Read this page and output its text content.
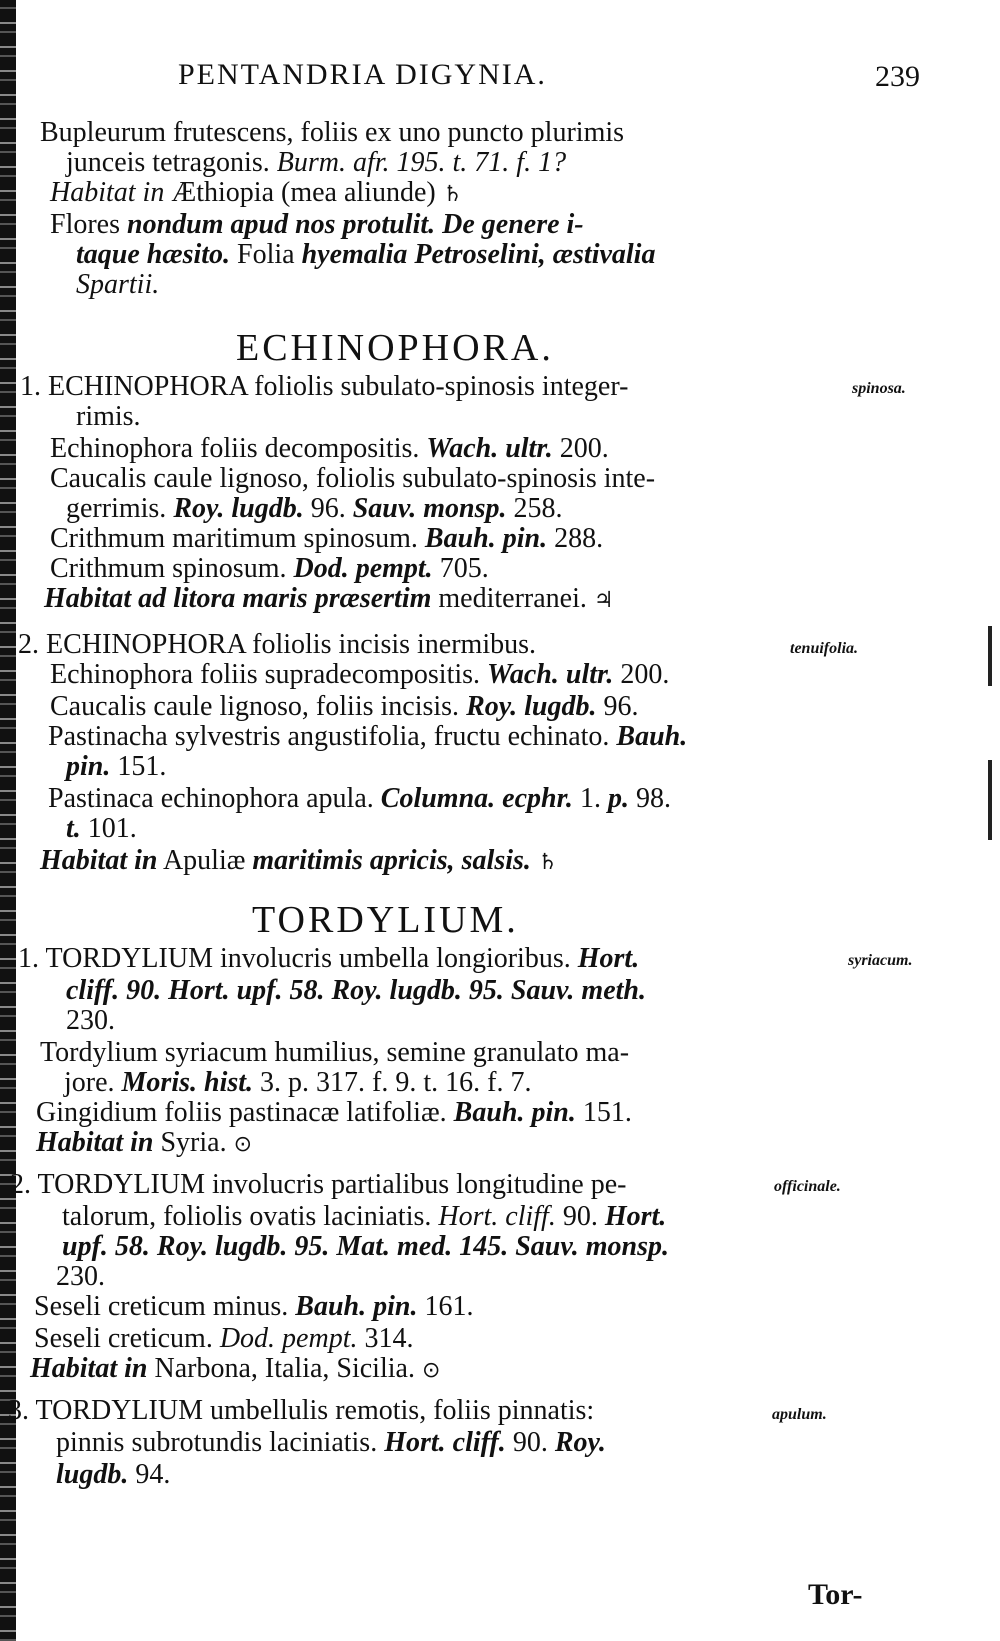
PENTANDRIA DIGYNIA.	239
Bupleurum frutescens, foliis ex uno puncto plurimis
junceis tetragonis. Burm. afr. 195. t. 71. f. 1?
Habitat in Æthiopia (mea aliunde) ♄
Flores nondum apud nos protulit. De genere i-
taque hæsito. Folia hyemalia Petroselini, æstivalia
Spartii.
ECHINOPHORA.
1. ECHINOPHORA foliolis subulato-spinosis integer-	spinosa.
rimis.
Echinophora foliis decompositis. Wach. ultr. 200.
Caucalis caule lignoso, foliolis subulato-spinosis inte-
gerrimis. Roy. lugdb. 96. Sauv. monsp. 258.
Crithmum maritimum spinosum. Bauh. pin. 288.
Crithmum spinosum. Dod. pempt. 705.
Habitat ad litora maris præsertim mediterranei. ♃
2. ECHINOPHORA foliolis incisis inermibus.	tenuifolia.
Echinophora foliis supradecompositis. Wach. ultr. 200.
Caucalis caule lignoso, foliis incisis. Roy. lugdb. 96.
Pastinacha sylvestris angustifolia, fructu echinato. Bauh.
pin. 151.
Pastinaca echinophora apula. Columna. ecphr. 1. p. 98.
t. 101.
Habitat in Apuliæ maritimis apricis, salsis. ♄
TORDYLIUM.
1. TORDYLIUM involucris umbella longioribus. Hort.	syriacum.
cliff. 90. Hort. upf. 58. Roy. lugdb. 95. Sauv. meth.
230.
Tordylium syriacum humilius, semine granulato ma-
jore. Moris. hist. 3. p. 317. f. 9. t. 16. f. 7.
Gingidium foliis pastinacæ latifoliæ. Bauh. pin. 151.
Habitat in Syria. ⊙
2. TORDYLIUM involucris partialibus longitudine pe-	officinale.
talorum, foliolis ovatis laciniatis. Hort. cliff. 90. Hort.
upf. 58. Roy. lugdb. 95. Mat. med. 145. Sauv. monsp.
230.
Seseli creticum minus. Bauh. pin. 161.
Seseli creticum. Dod. pempt. 314.
Habitat in Narbona, Italia, Sicilia. ⊙
3. TORDYLIUM umbellulis remotis, foliis pinnatis:	apulum.
pinnis subrotundis laciniatis. Hort. cliff. 90. Roy.
lugdb. 94.
Tor-
